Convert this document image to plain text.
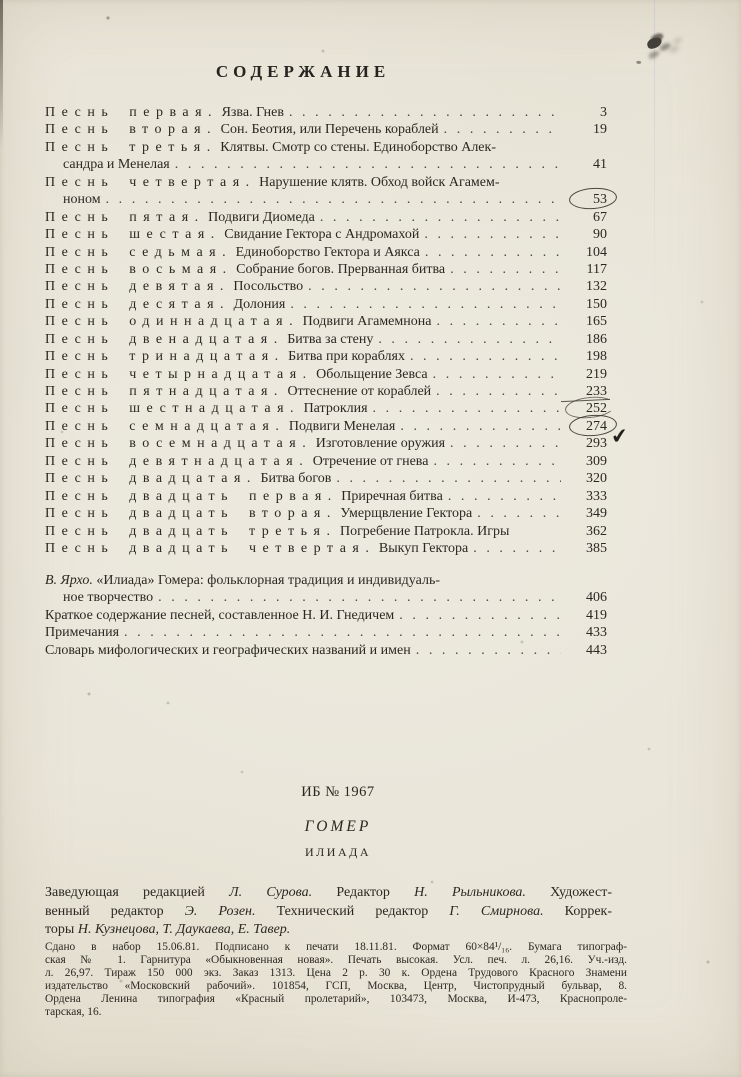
СОДЕРЖАНИЕ
Песнь первая. Язва. Гнев .....	3
Песнь вторая. Сон. Беотия, или Перечень кораблей .....	19
Песнь третья. Клятвы. Смотр со стены. Единоборство Алек-
сандра и Менелая .....	41
Песнь четвертая. Нарушение клятв. Обход войск Агамем-
ноном .....	53
Песнь пятая. Подвиги Диомеда .....	67
Песнь шестая. Свидание Гектора с Андромахой .....	90
Песнь седьмая. Единоборство Гектора и Аякса .....	104
Песнь восьмая. Собрание богов. Прерванная битва .....	117
Песнь девятая. Посольство .....	132
Песнь десятая. Долония .....	150
Песнь одиннадцатая. Подвиги Агамемнона .....	165
Песнь двенадцатая. Битва за стену .....	186
Песнь тринадцатая. Битва при кораблях .....	198
Песнь четырнадцатая. Обольщение Зевса .....	219
Песнь пятнадцатая. Оттеснение от кораблей .....	233
Песнь шестнадцатая. Патроклия .....	252
Песнь семнадцатая. Подвиги Менелая .....	274
Песнь восемнадцатая. Изготовление оружия .....	293
✔
Песнь девятнадцатая. Отречение от гнева .....	309
Песнь двадцатая. Битва богов .....	320
Песнь двадцать первая. Приречная битва .....	333
Песнь двадцать вторая. Умерщвление Гектора .....	349
Песнь двадцать третья. Погребение Патрокла. Игры	362
Песнь двадцать четвертая. Выкуп Гектора .....	385
В. Ярхо. «Илиада» Гомера: фольклорная традиция и индивидуаль-
ное творчество .....	406
Краткое содержание песней, составленное Н. И. Гнедичем .....	419
Примечания .....	433
Словарь мифологических и географических названий и имен .....	443
ИБ № 1967
ГОМЕР
ИЛИАДА
Заведующая редакцией Л. Сурова. Редактор Н. Рыльникова. Художест-
венный редактор Э. Розен. Технический редактор Г. Смирнова. Коррек-
торы Н. Кузнецова, Т. Даукаева, Е. Тавер.
Сдано в набор 15.06.81. Подписано к печати 18.11.81. Формат 60×84¹/₁₆. Бумага типограф-
ская № 1. Гарнитура «Обыкновенная новая». Печать высокая. Усл. печ. л. 26,16. Уч.-изд.
л. 26,97. Тираж 150 000 экз. Заказ 1313. Цена 2 р. 30 к. Ордена Трудового Красного Знамени
издательство «Московский рабочий». 101854, ГСП, Москва, Центр, Чистопрудный бульвар, 8.
Ордена Ленина типография «Красный пролетарий», 103473, Москва, И-473, Краснопроле-
тарская, 16.
